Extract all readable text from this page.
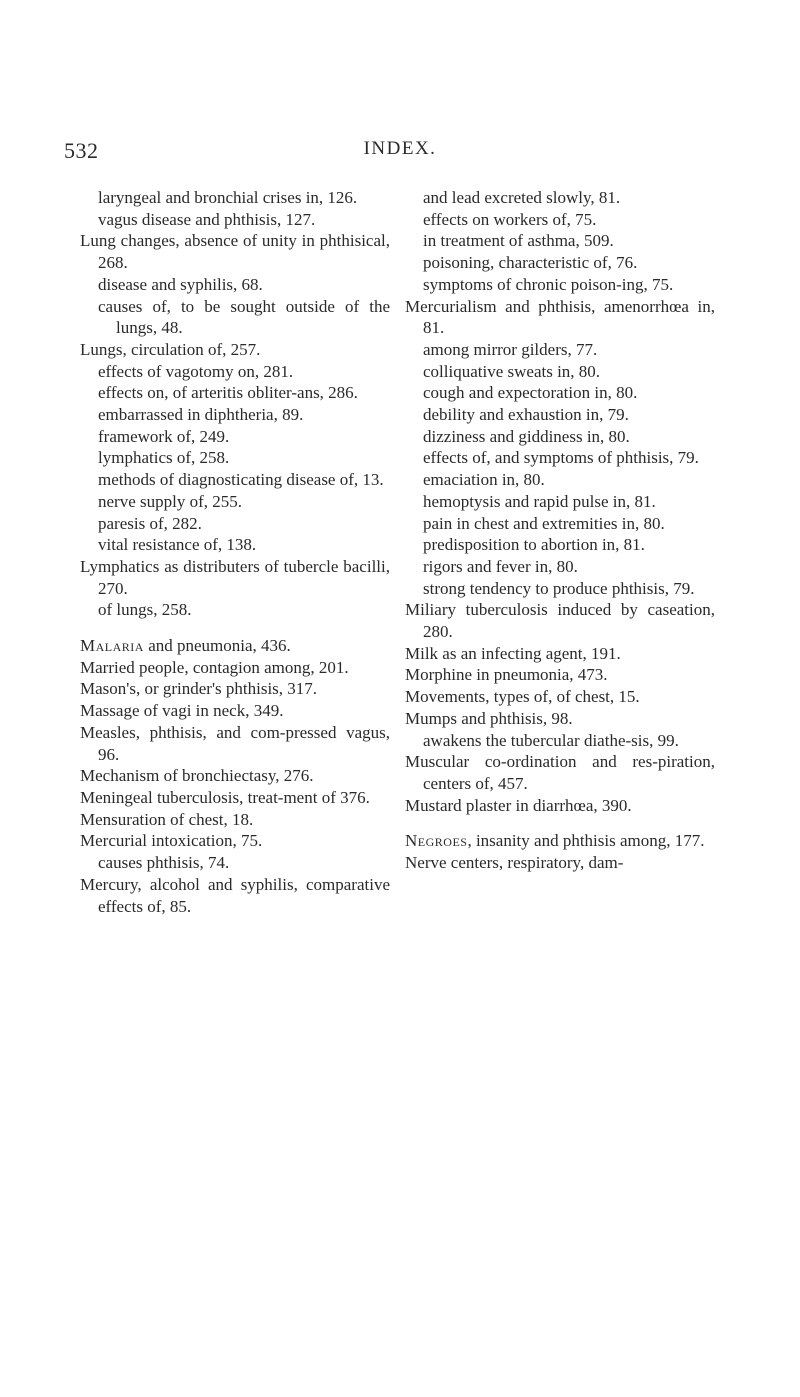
532	INDEX.
laryngeal and bronchial crises in, 126.
vagus disease and phthisis, 127.
Lung changes, absence of unity in phthisical, 268.
disease and syphilis, 68.
causes of, to be sought outside of the lungs, 48.
Lungs, circulation of, 257.
effects of vagotomy on, 281.
effects on, of arteritis obliter-ans, 286.
embarrassed in diphtheria, 89.
framework of, 249.
lymphatics of, 258.
methods of diagnosticating disease of, 13.
nerve supply of, 255.
paresis of, 282.
vital resistance of, 138.
Lymphatics as distributers of tubercle bacilli, 270.
of lungs, 258.
Malaria and pneumonia, 436.
Married people, contagion among, 201.
Mason's, or grinder's phthisis, 317.
Massage of vagi in neck, 349.
Measles, phthisis, and com-pressed vagus, 96.
Mechanism of bronchiectasy, 276.
Meningeal tuberculosis, treat-ment of 376.
Mensuration of chest, 18.
Mercurial intoxication, 75.
causes phthisis, 74.
Mercury, alcohol and syphilis, comparative effects of, 85.
and lead excreted slowly, 81.
effects on workers of, 75.
in treatment of asthma, 509.
poisoning, characteristic of, 76.
symptoms of chronic poison-ing, 75.
Mercurialism and phthisis, amenorrhœa in, 81.
among mirror gilders, 77.
colliquative sweats in, 80.
cough and expectoration in, 80.
debility and exhaustion in, 79.
dizziness and giddiness in, 80.
effects of, and symptoms of phthisis, 79.
emaciation in, 80.
hemoptysis and rapid pulse in, 81.
pain in chest and extremities in, 80.
predisposition to abortion in, 81.
rigors and fever in, 80.
strong tendency to produce phthisis, 79.
Miliary tuberculosis induced by caseation, 280.
Milk as an infecting agent, 191.
Morphine in pneumonia, 473.
Movements, types of, of chest, 15.
Mumps and phthisis, 98.
awakens the tubercular diathe-sis, 99.
Muscular co-ordination and res-piration, centers of, 457.
Mustard plaster in diarrhœa, 390.
Negroes, insanity and phthisis among, 177.
Nerve centers, respiratory, dam-
